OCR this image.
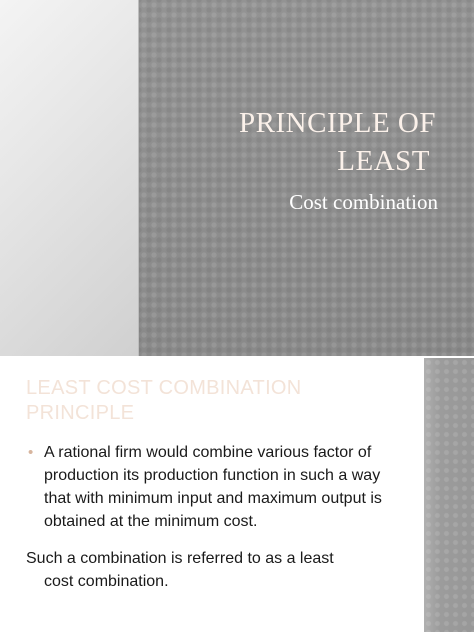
PRINCIPLE OF
LEAST
Cost combination
LEAST COST COMBINATION
PRINCIPLE
• A rational firm would combine various factor of production its production function in such a way that with minimum input and maximum output is obtained at the minimum cost.
Such a combination is referred to as a least
cost combination.
